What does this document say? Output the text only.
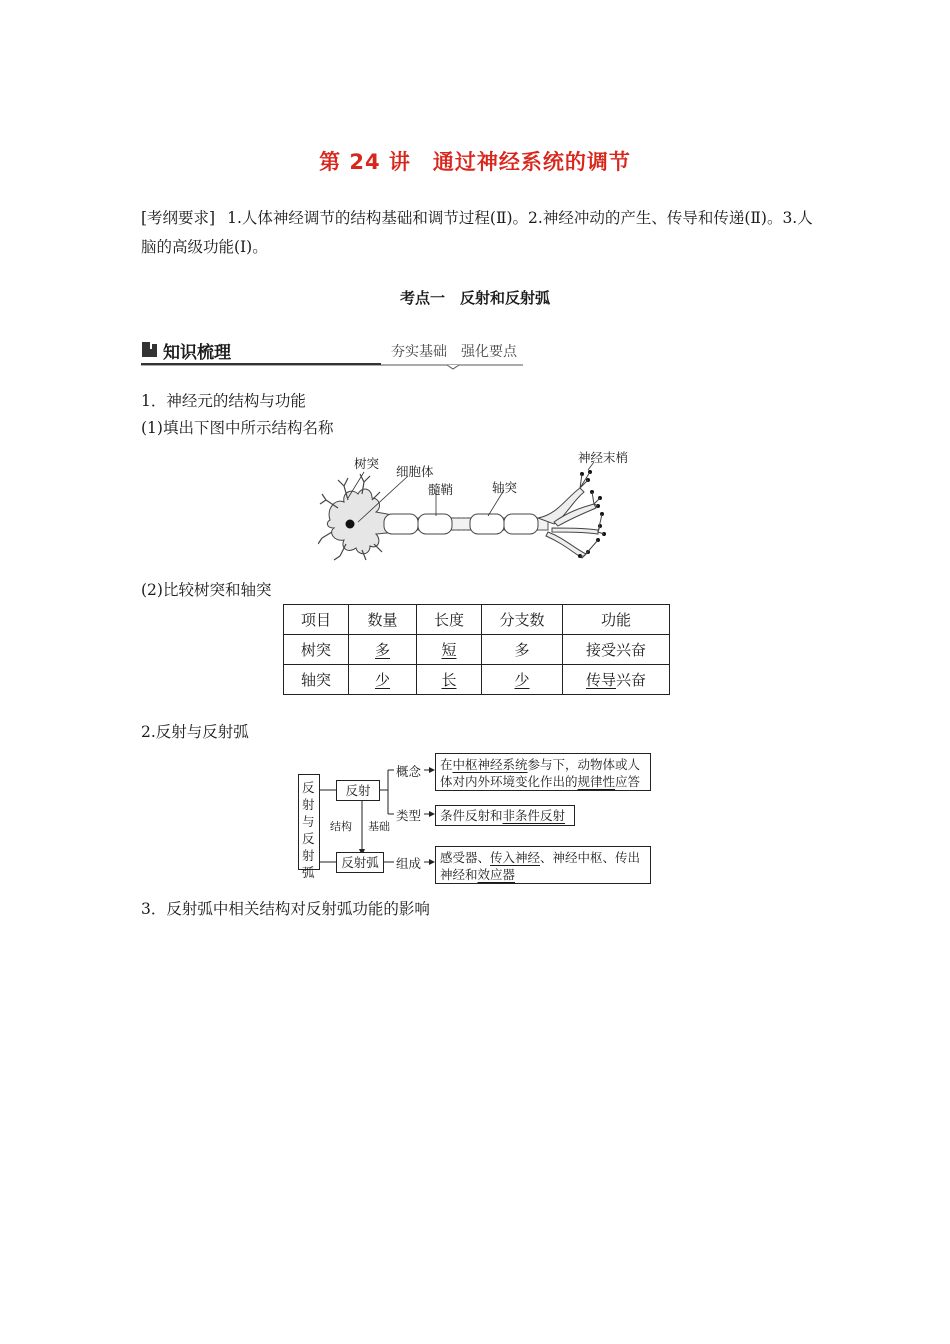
第 24 讲　通过神经系统的调节
[考纲要求] 1.人体神经调节的结构基础和调节过程(Ⅱ)。2.神经冲动的产生、传导和传递(Ⅱ)。3.人脑的高级功能(Ⅰ)。
考点一　反射和反射弧
知识梳理	夯实基础　强化要点
1．神经元的结构与功能
(1)填出下图中所示结构名称
树突
细胞体
髓鞘	轴突
神经末梢
(2)比较树突和轴突
项目	数量	长度	分支数	功能
树突	多	短	多	接受兴奋
轴突	少	长	少	传导兴奋
2.反射与反射弧
反射与反射弧
反射
结构 基础
反射弧
概念
类型
组成
在中枢神经系统参与下，动物体或人
体对内外环境变化作出的规律性应答
条件反射和非条件反射
感受器、传入神经、神经中枢、传出
神经和效应器
3．反射弧中相关结构对反射弧功能的影响
